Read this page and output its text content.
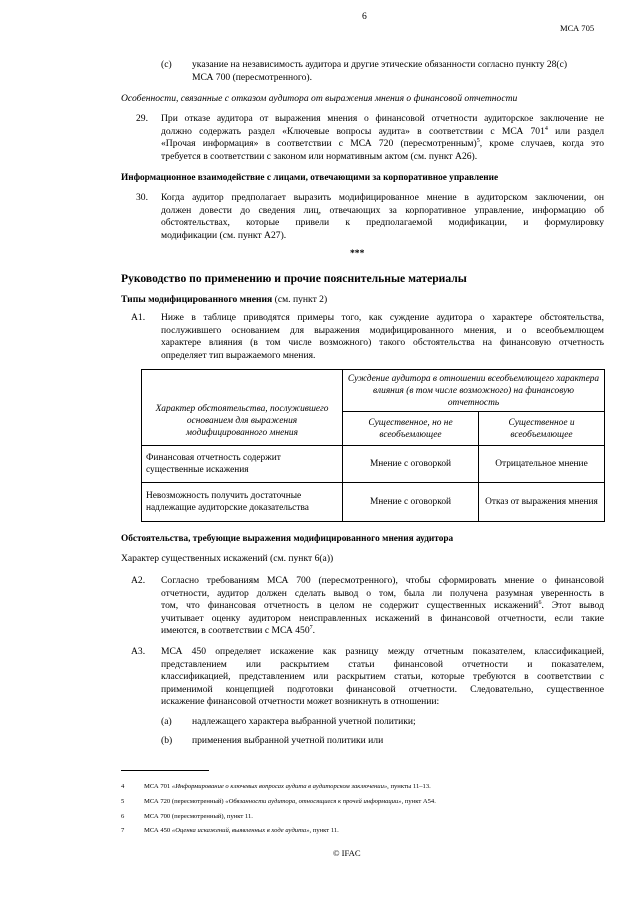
6
МСА 705
(c) указание на независимость аудитора и другие этические обязанности согласно пункту 28(c)
МСА 700 (пересмотренного).
Особенности, связанные с отказом аудитора от выражения мнения о финансовой отчетности
29. При отказе аудитора от выражения мнения о финансовой отчетности аудиторское заключение не
должно содержать раздел «Ключевые вопросы аудита» в соответствии с МСА $701^4$ или раздел
«Прочая информация» в соответствии с МСА 720 (пересмотренным)$^5$, кроме случаев, когда это
требуется в соответствии с законом или нормативным актом (см. пункт А26).
Информационное взаимодействие с лицами, отвечающими за корпоративное управление
30. Когда аудитор предполагает выразить модифицированное мнение в аудиторском заключении, он
должен довести до сведения лиц, отвечающих за корпоративное управление, информацию об
обстоятельствах, которые привели к предполагаемой модификации, и формулировку
модификации (см. пункт А27).
***
Руководство по применению и прочие пояснительные материалы
Типы модифицированного мнения (см. пункт 2)
A1. Ниже в таблице приводятся примеры того, как суждение аудитора о характере обстоятельства,
послужившего основанием для выражения модифицированного мнения, и о всеобъемлющем
характере влияния (в том числе возможного) такого обстоятельства на финансовую отчетность
определяет тип выражаемого мнения.
Характер обстоятельства, послужившего основанием для выражения модифицированного мнения	Суждение аудитора в отношении всеобъемлющего характера влияния (в том числе возможного) на финансовую отчетность	
	Существенное, но не всеобъемлющее	Существенное и всеобъемлющее
Финансовая отчетность содержит существенные искажения	Мнение с оговоркой	Отрицательное мнение
Невозможность получить достаточные надлежащие аудиторские доказательства	Мнение с оговоркой	Отказ от выражения мнения
Обстоятельства, требующие выражения модифицированного мнения аудитора
Характер существенных искажений (см. пункт 6(а))
A2. Согласно требованиям МСА 700 (пересмотренного), чтобы сформировать мнение о финансовой
отчетности, аудитор должен сделать вывод о том, была ли получена разумная уверенность в
том, что финансовая отчетность в целом не содержит существенных искажений$^6$. Этот вывод
учитывает оценку аудитором неисправленных искажений в финансовой отчетности, если такие
имеются, в соответствии с МСА $450^7$.
A3. МСА 450 определяет искажение как разницу между отчетным показателем, классификацией,
представлением или раскрытием статьи финансовой отчетности и показателем,
классификацией, представлением или раскрытием статьи, которые требуются в соответствии с
применимой концепцией подготовки финансовой отчетности. Следовательно, существенное
искажение финансовой отчетности может возникнуть в отношении:
(a) надлежащего характера выбранной учетной политики;
(b) применения выбранной учетной политики или
4	МСА 701 «Информирование о ключевых вопросах аудита в аудиторском заключении», пункты 11–13.
5	МСА 720 (пересмотренный) «Обязанности аудитора, относящиеся к прочей информации», пункт А54.
6	МСА 700 (пересмотренный), пункт 11.
7	МСА 450 «Оценка искажений, выявленных в ходе аудита», пункт 11.
© IFAC
